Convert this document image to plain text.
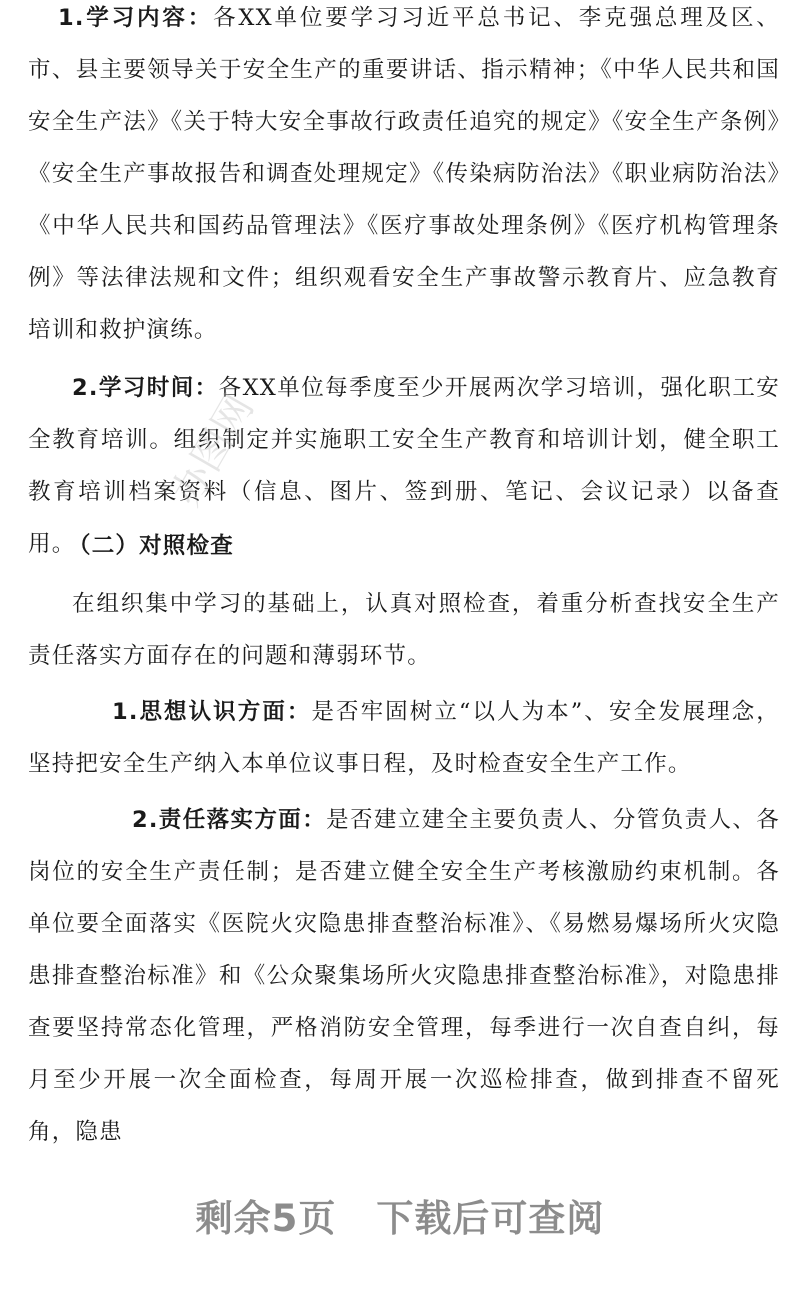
1.学习内容：各XX单位要学习习近平总书记、李克强总理及区、市、县主要领导关于安全生产的重要讲话、指示精神；《中华人民共和国安全生产法》《关于特大安全事故行政责任追究的规定》《安全生产条例》《安全生产事故报告和调查处理规定》《传染病防治法》《职业病防治法》《中华人民共和国药品管理法》《医疗事故处理条例》《医疗机构管理条例》等法律法规和文件；组织观看安全生产事故警示教育片、应急教育培训和救护演练。

2.学习时间：各XX单位每季度至少开展两次学习培训，强化职工安全教育培训。组织制定并实施职工安全生产教育和培训计划，健全职工教育培训档案资料（信息、图片、签到册、笔记、会议记录）以备查用。

（二）对照检查

在组织集中学习的基础上，认真对照检查，着重分析查找安全生产责任落实方面存在的问题和薄弱环节。

1.思想认识方面：是否牢固树立“以人为本”、安全发展理念，坚持把安全生产纳入本单位议事日程，及时检查安全生产工作。

2.责任落实方面：是否建立建全主要负责人、分管负责人、各岗位的安全生产责任制；是否建立健全安全生产考核激励约束机制。各单位要全面落实《医院火灾隐患排查整治标准》、《易燃易爆场所火灾隐患排查整治标准》和《公众聚集场所火灾隐患排查整治标准》，对隐患排查要坚持常态化管理，严格消防安全管理，每季进行一次自查自纠，每月至少开展一次全面检查，每周开展一次巡检排查，做到排查不留死角，隐患

办图网
剩余5页 下载后可查阅
